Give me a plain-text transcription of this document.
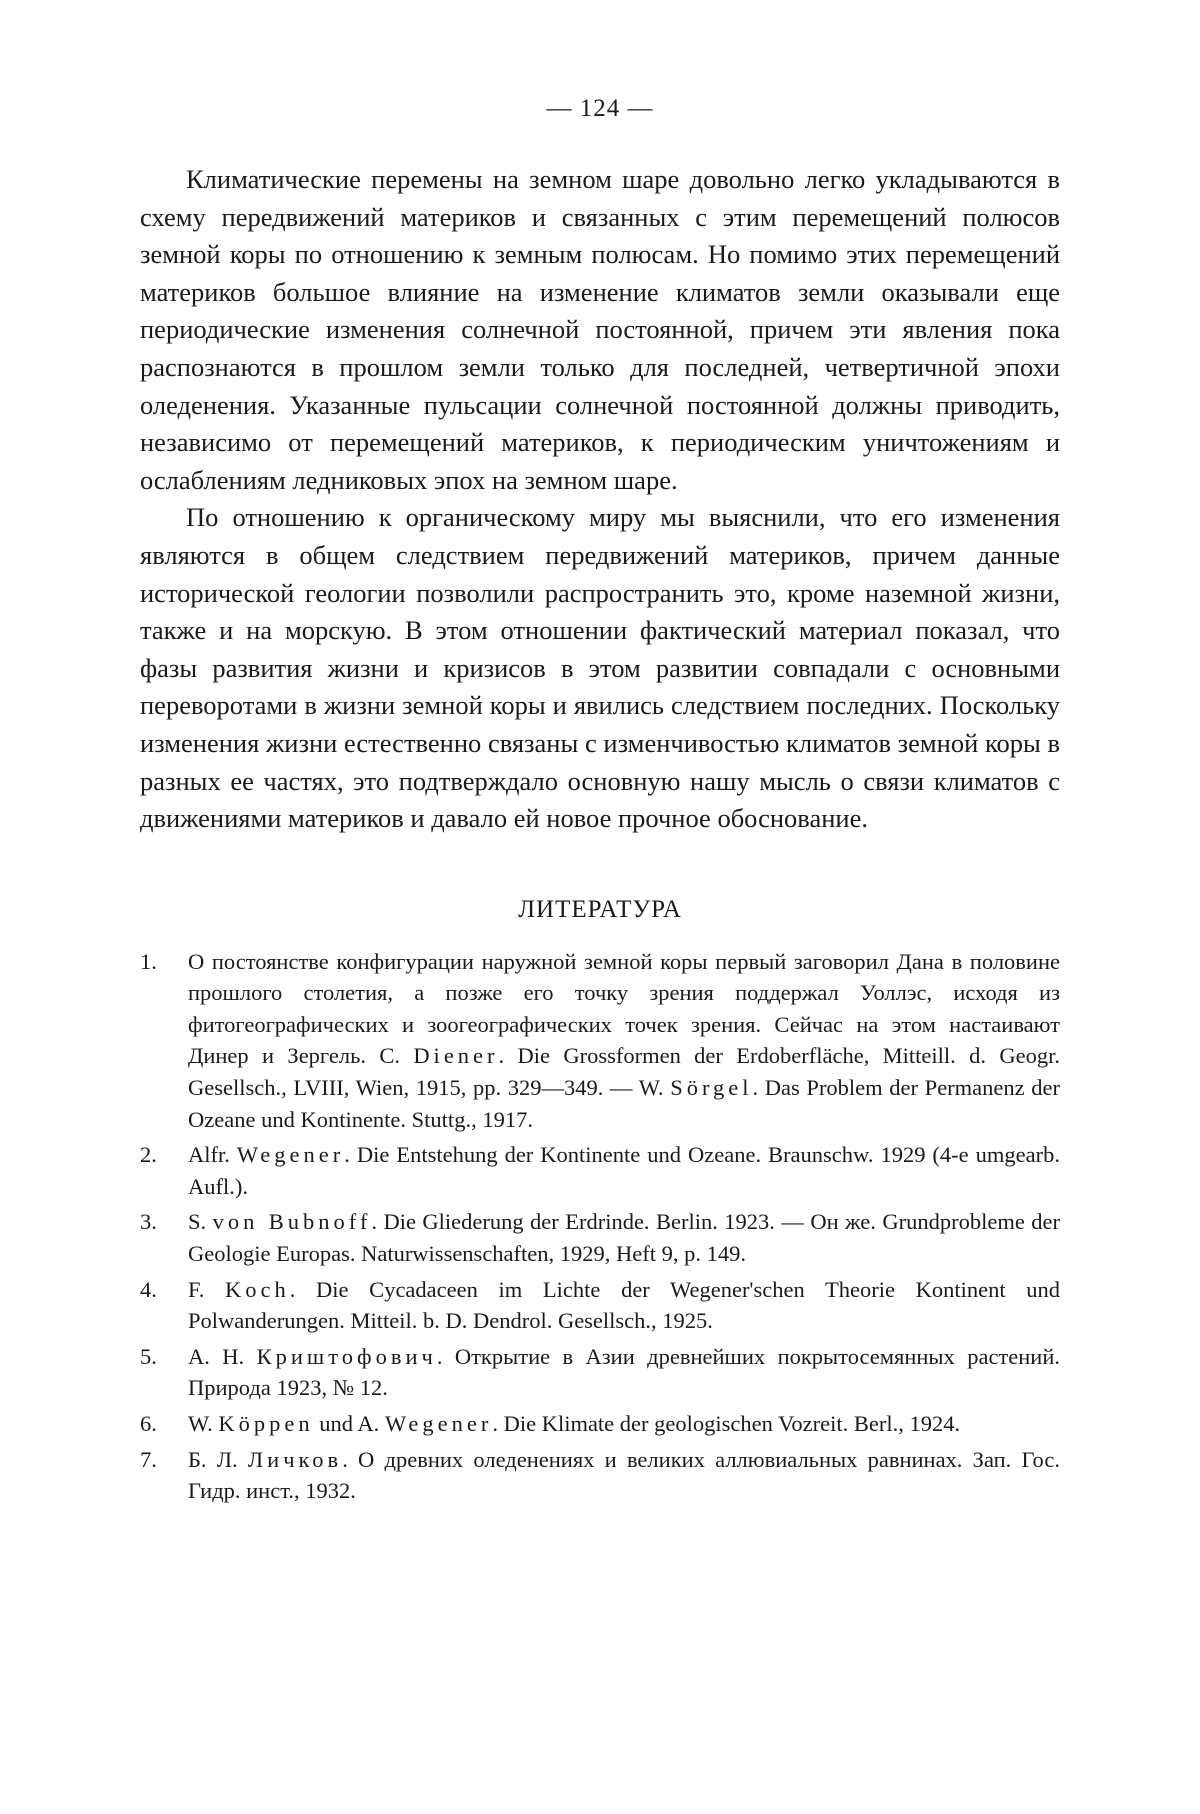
— 124 —

Климатические перемены на земном шаре довольно легко укладываются в схему передвижений материков и связанных с этим перемещений полюсов земной коры по отношению к земным полюсам. Но помимо этих перемещений материков большое влияние на изменение климатов земли оказывали еще периодические изменения солнечной постоянной, причем эти явления пока распознаются в прошлом земли только для последней, четвертичной эпохи оледенения. Указанные пульсации солнечной постоянной должны приводить, независимо от перемещений материков, к периодическим уничтожениям и ослаблениям ледниковых эпох на земном шаре.

По отношению к органическому миру мы выяснили, что его изменения являются в общем следствием передвижений материков, причем данные исторической геологии позволили распространить это, кроме наземной жизни, также и на морскую. В этом отношении фактический материал показал, что фазы развития жизни и кризисов в этом развитии совпадали с основными переворотами в жизни земной коры и явились следствием последних. Поскольку изменения жизни естественно связаны с изменчивостью климатов земной коры в разных ее частях, это подтверждало основную нашу мысль о связи климатов с движениями материков и давало ей новое прочное обоснование.

ЛИТЕРАТУРА
1. О постоянстве конфигурации наружной земной коры первый заговорил Дана в половине прошлого столетия, а позже его точку зрения поддержал Уоллэс, исходя из фитогеографических и зоогеографических точек зрения. Сейчас на этом настаивают Динер и Зергель. C. Diener. Die Grossformen der Erdoberfläche, Mitteill. d. Geogr. Gesellsch., LVIII, Wien, 1915, pp. 329—349. — W. Sörgel. Das Problem der Permanenz der Ozeane und Kontinente. Stuttg., 1917.
2. Alfr. Wegener. Die Entstehung der Kontinente und Ozeane. Braunschw. 1929 (4-e umgearb. Aufl.).
3. S. von Bubnoff. Die Gliederung der Erdrinde. Berlin. 1923. — Он же. Grundprobleme der Geologie Europas. Naturwissenschaften, 1929, Heft 9, p. 149.
4. F. Koch. Die Cycadaceen im Lichte der Wegener'schen Theorie Kontinent und Polwanderungen. Mitteil. b. D. Dendrol. Gesellsch., 1925.
5. А. Н. Криштофович. Открытие в Азии древнейших покрытосемянных растений. Природа 1923, № 12.
6. W. Köppen und A. Wegener. Die Klimate der geologischen Vozreit. Berl., 1924.
7. Б. Л. Личков. О древних оледенениях и великих аллювиальных равнинах. Зап. Гос. Гидр. инст., 1932.
